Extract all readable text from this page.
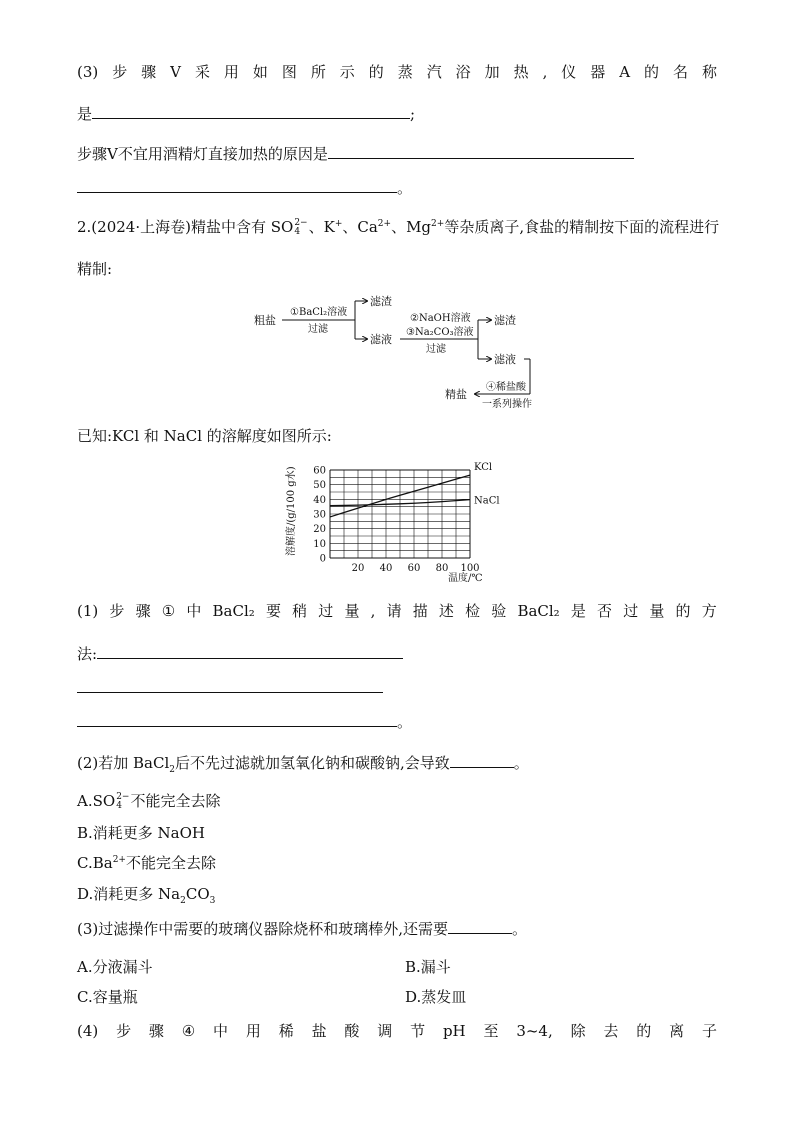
(3) 步 骤 Ⅴ 采 用 如 图 所 示 的 蒸 汽 浴 加 热 , 仪 器 A 的 名 称
是	;
步骤Ⅴ不宜用酒精灯直接加热的原因是
。
2.(2024·上海卷)精盐中含有 SO 2−
4 、K+、$Ca^{2+}$、$Mg^{2+}$等杂质离子,食盐的精制按下面的流程进行
精制:
粗盐
①BaCl₂溶液
过滤
滤渣
滤液
②NaOH溶液
③Na₂CO₃溶液
过滤
滤渣
滤液
④稀盐酸
一系列操作
精盐
已知:KCl 和 NaCl 的溶解度如图所示:
0
10
20
30
40
50
60
20 40 60 80 100
KCl
NaCl
溶解度/(g/100 g水)
温度/℃
(1) 步 骤 ① 中 BaCl₂ 要 稍 过 量 , 请 描 述 检 验 BaCl₂ 是 否 过 量 的 方
法:
。
(2)若加 BaCl$_2$后不先过滤就加氢氧化钠和碳酸钠,会导致	。
A.SO 2−
4 不能完全去除
B.消耗更多 NaOH
$C.Ba^{2+}$不能完全去除
D.消耗更多 $Na_2CO_3$
(3)过滤操作中需要的玻璃仪器除烧杯和玻璃棒外,还需要	。
A.分液漏斗	B.漏斗
C.容量瓶	D.蒸发皿
(4) 步 骤 ④ 中 用 稀 盐 酸 调 节 pH 至 3~4, 除 去 的 离 子
